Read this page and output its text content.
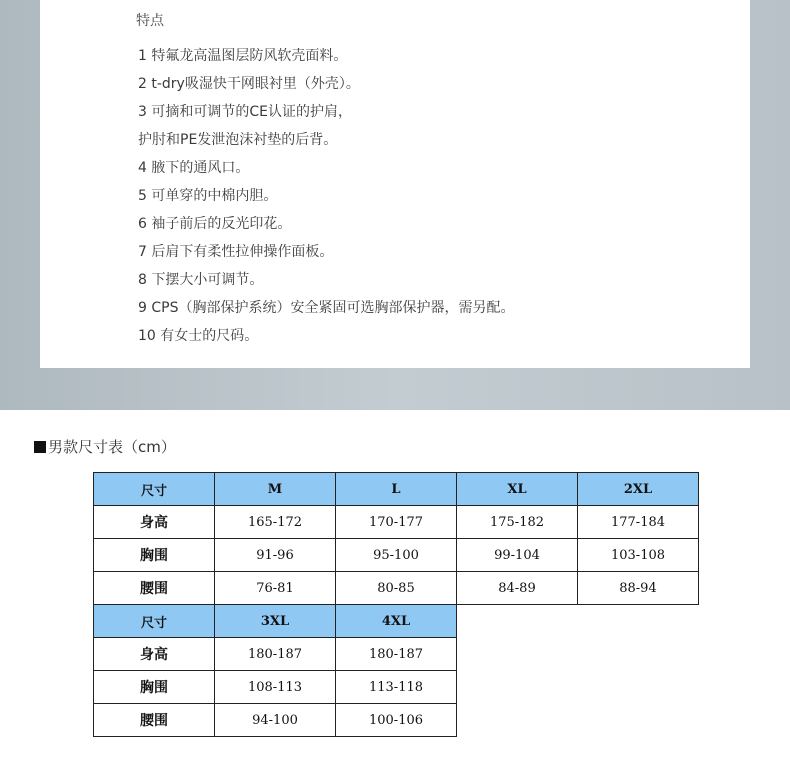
特点
1 特氟龙高温图层防风软壳面料。
2 t-dry吸湿快干网眼衬里（外壳）。
3 可摘和可调节的CE认证的护肩，
护肘和PE发泄泡沫衬垫的后背。
4 腋下的通风口。
5 可单穿的中棉内胆。
6 袖子前后的反光印花。
7 后肩下有柔性拉伸操作面板。
8 下摆大小可调节。
9 CPS（胸部保护系统）安全紧固可选胸部保护器，需另配。
10 有女士的尺码。
男款尺寸表（cm）
尺寸	M	L	XL	2XL
身高	165-172	170-177	175-182	177-184
胸围	91-96	95-100	99-104	103-108
腰围	76-81	80-85	84-89	88-94
尺寸	3XL	4XL
身高	180-187	180-187
胸围	108-113	113-118
腰围	94-100	100-106
